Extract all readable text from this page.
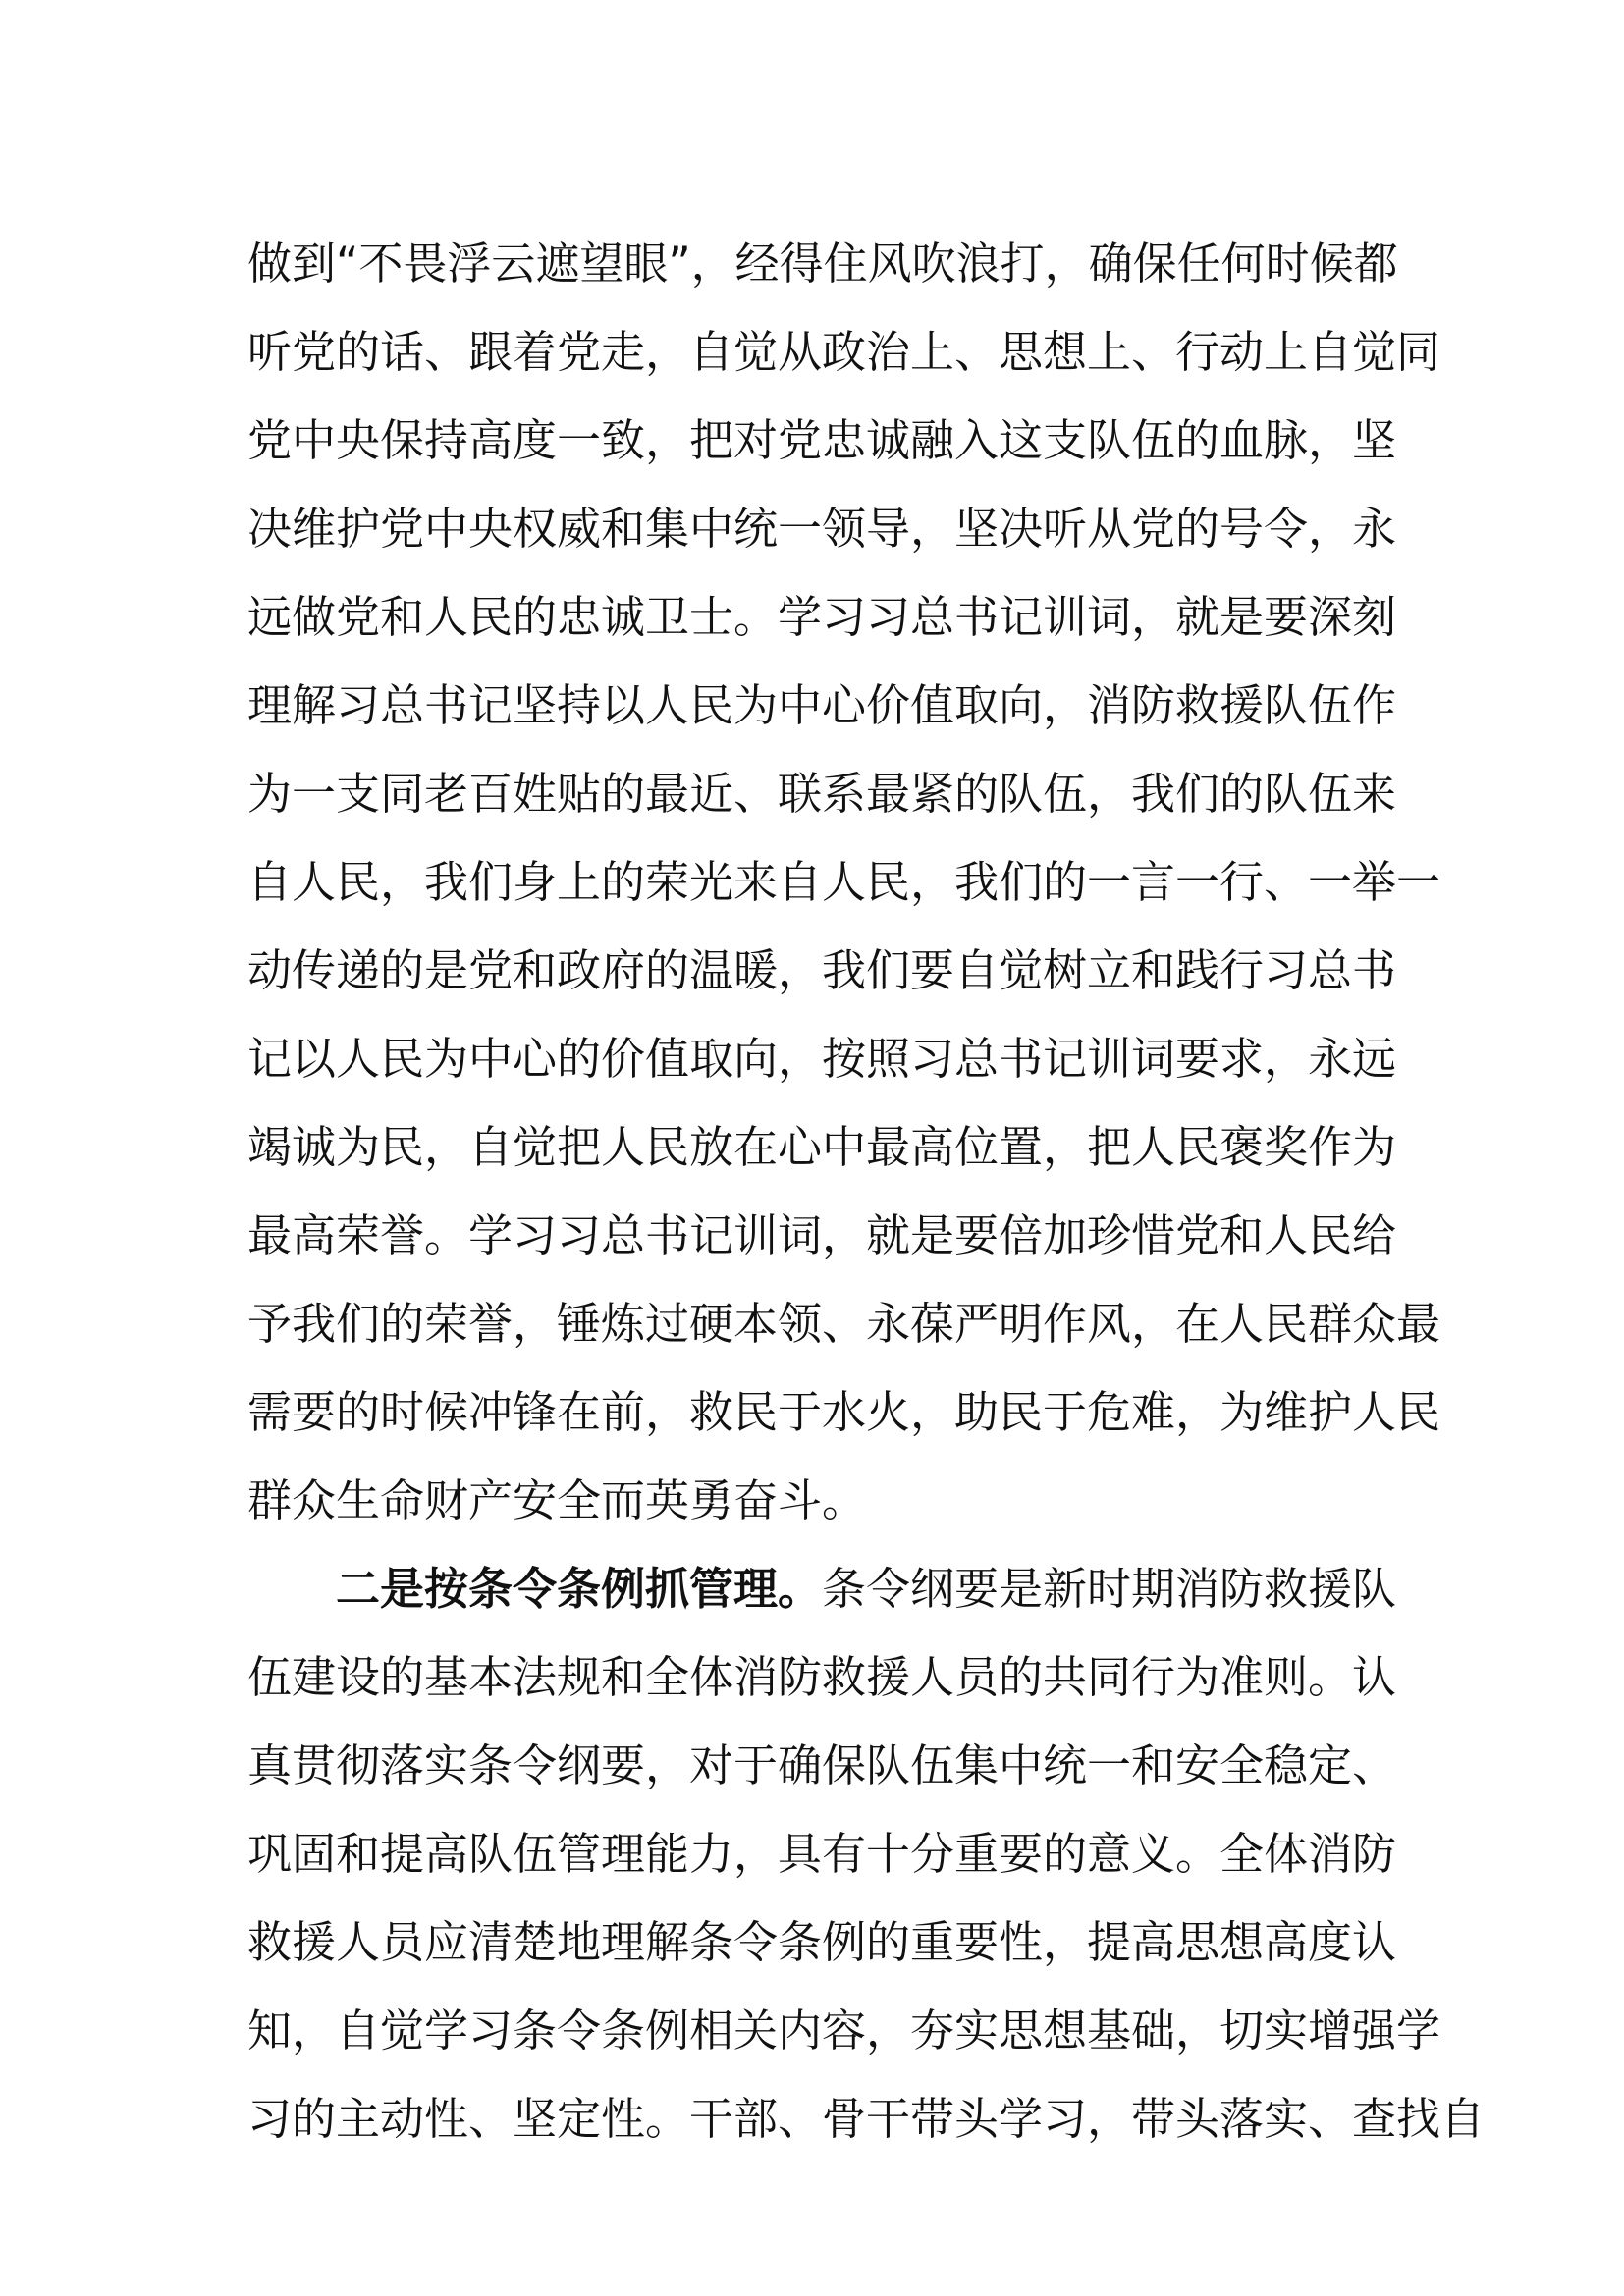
做到“不畏浮云遮望眼”，经得住风吹浪打，确保任何时候都
听党的话、跟着党走，自觉从政治上、思想上、行动上自觉同
党中央保持高度一致，把对党忠诚融入这支队伍的血脉，坚
决维护党中央权威和集中统一领导，坚决听从党的号令，永
远做党和人民的忠诚卫士。学习习总书记训词，就是要深刻
理解习总书记坚持以人民为中心价值取向，消防救援队伍作
为一支同老百姓贴的最近、联系最紧的队伍，我们的队伍来
自人民，我们身上的荣光来自人民，我们的一言一行、一举一
动传递的是党和政府的温暖，我们要自觉树立和践行习总书
记以人民为中心的价值取向，按照习总书记训词要求，永远
竭诚为民，自觉把人民放在心中最高位置，把人民褒奖作为
最高荣誉。学习习总书记训词，就是要倍加珍惜党和人民给
予我们的荣誉，锤炼过硬本领、永葆严明作风，在人民群众最
需要的时候冲锋在前，救民于水火，助民于危难，为维护人民
群众生命财产安全而英勇奋斗。
二是按条令条例抓管理。条令纲要是新时期消防救援队
伍建设的基本法规和全体消防救援人员的共同行为准则。认
真贯彻落实条令纲要，对于确保队伍集中统一和安全稳定、
巩固和提高队伍管理能力，具有十分重要的意义。全体消防
救援人员应清楚地理解条令条例的重要性，提高思想高度认
知，自觉学习条令条例相关内容，夯实思想基础，切实增强学
习的主动性、坚定性。干部、骨干带头学习，带头落实、查找自
